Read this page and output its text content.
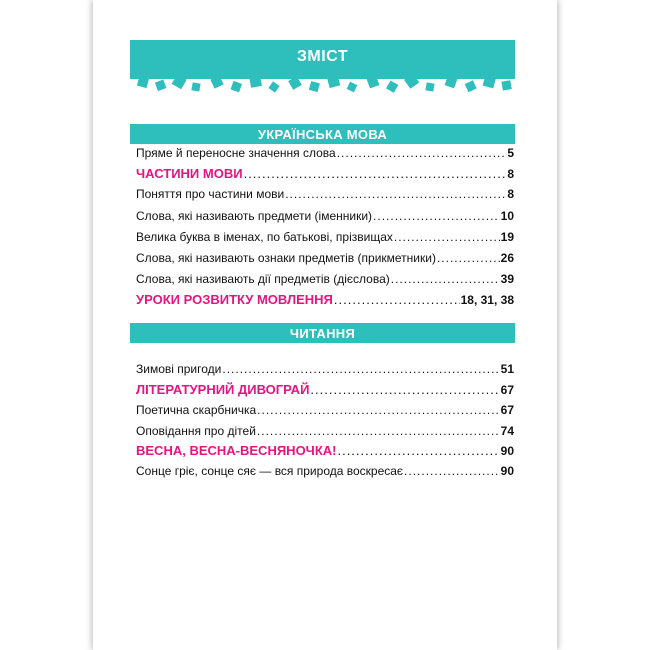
ЗМІСТ
УКРАЇНСЬКА МОВА
Пряме й переносне значення слова .....	5
ЧАСТИНИ МОВИ .....	8
Поняття про частини мови .....	8
Слова, які називають предмети (іменники) .....	10
Велика буква в іменах, по батькові, прізвищах .....	19
Слова, які називають ознаки предметів (прикметники) .....	26
Слова, які називають дії предметів (дієслова) .....	39
УРОКИ РОЗВИТКУ МОВЛЕННЯ .....	18, 31, 38
ЧИТАННЯ
Зимові пригоди .....	51
ЛІТЕРАТУРНИЙ ДИВОГРАЙ .....	67
Поетична скарбничка .....	67
Оповідання про дітей .....	74
ВЕСНА, ВЕСНА-ВЕСНЯНОЧКА! .....	90
Сонце гріє, сонце сяє — вся природа воскресає .....	90
